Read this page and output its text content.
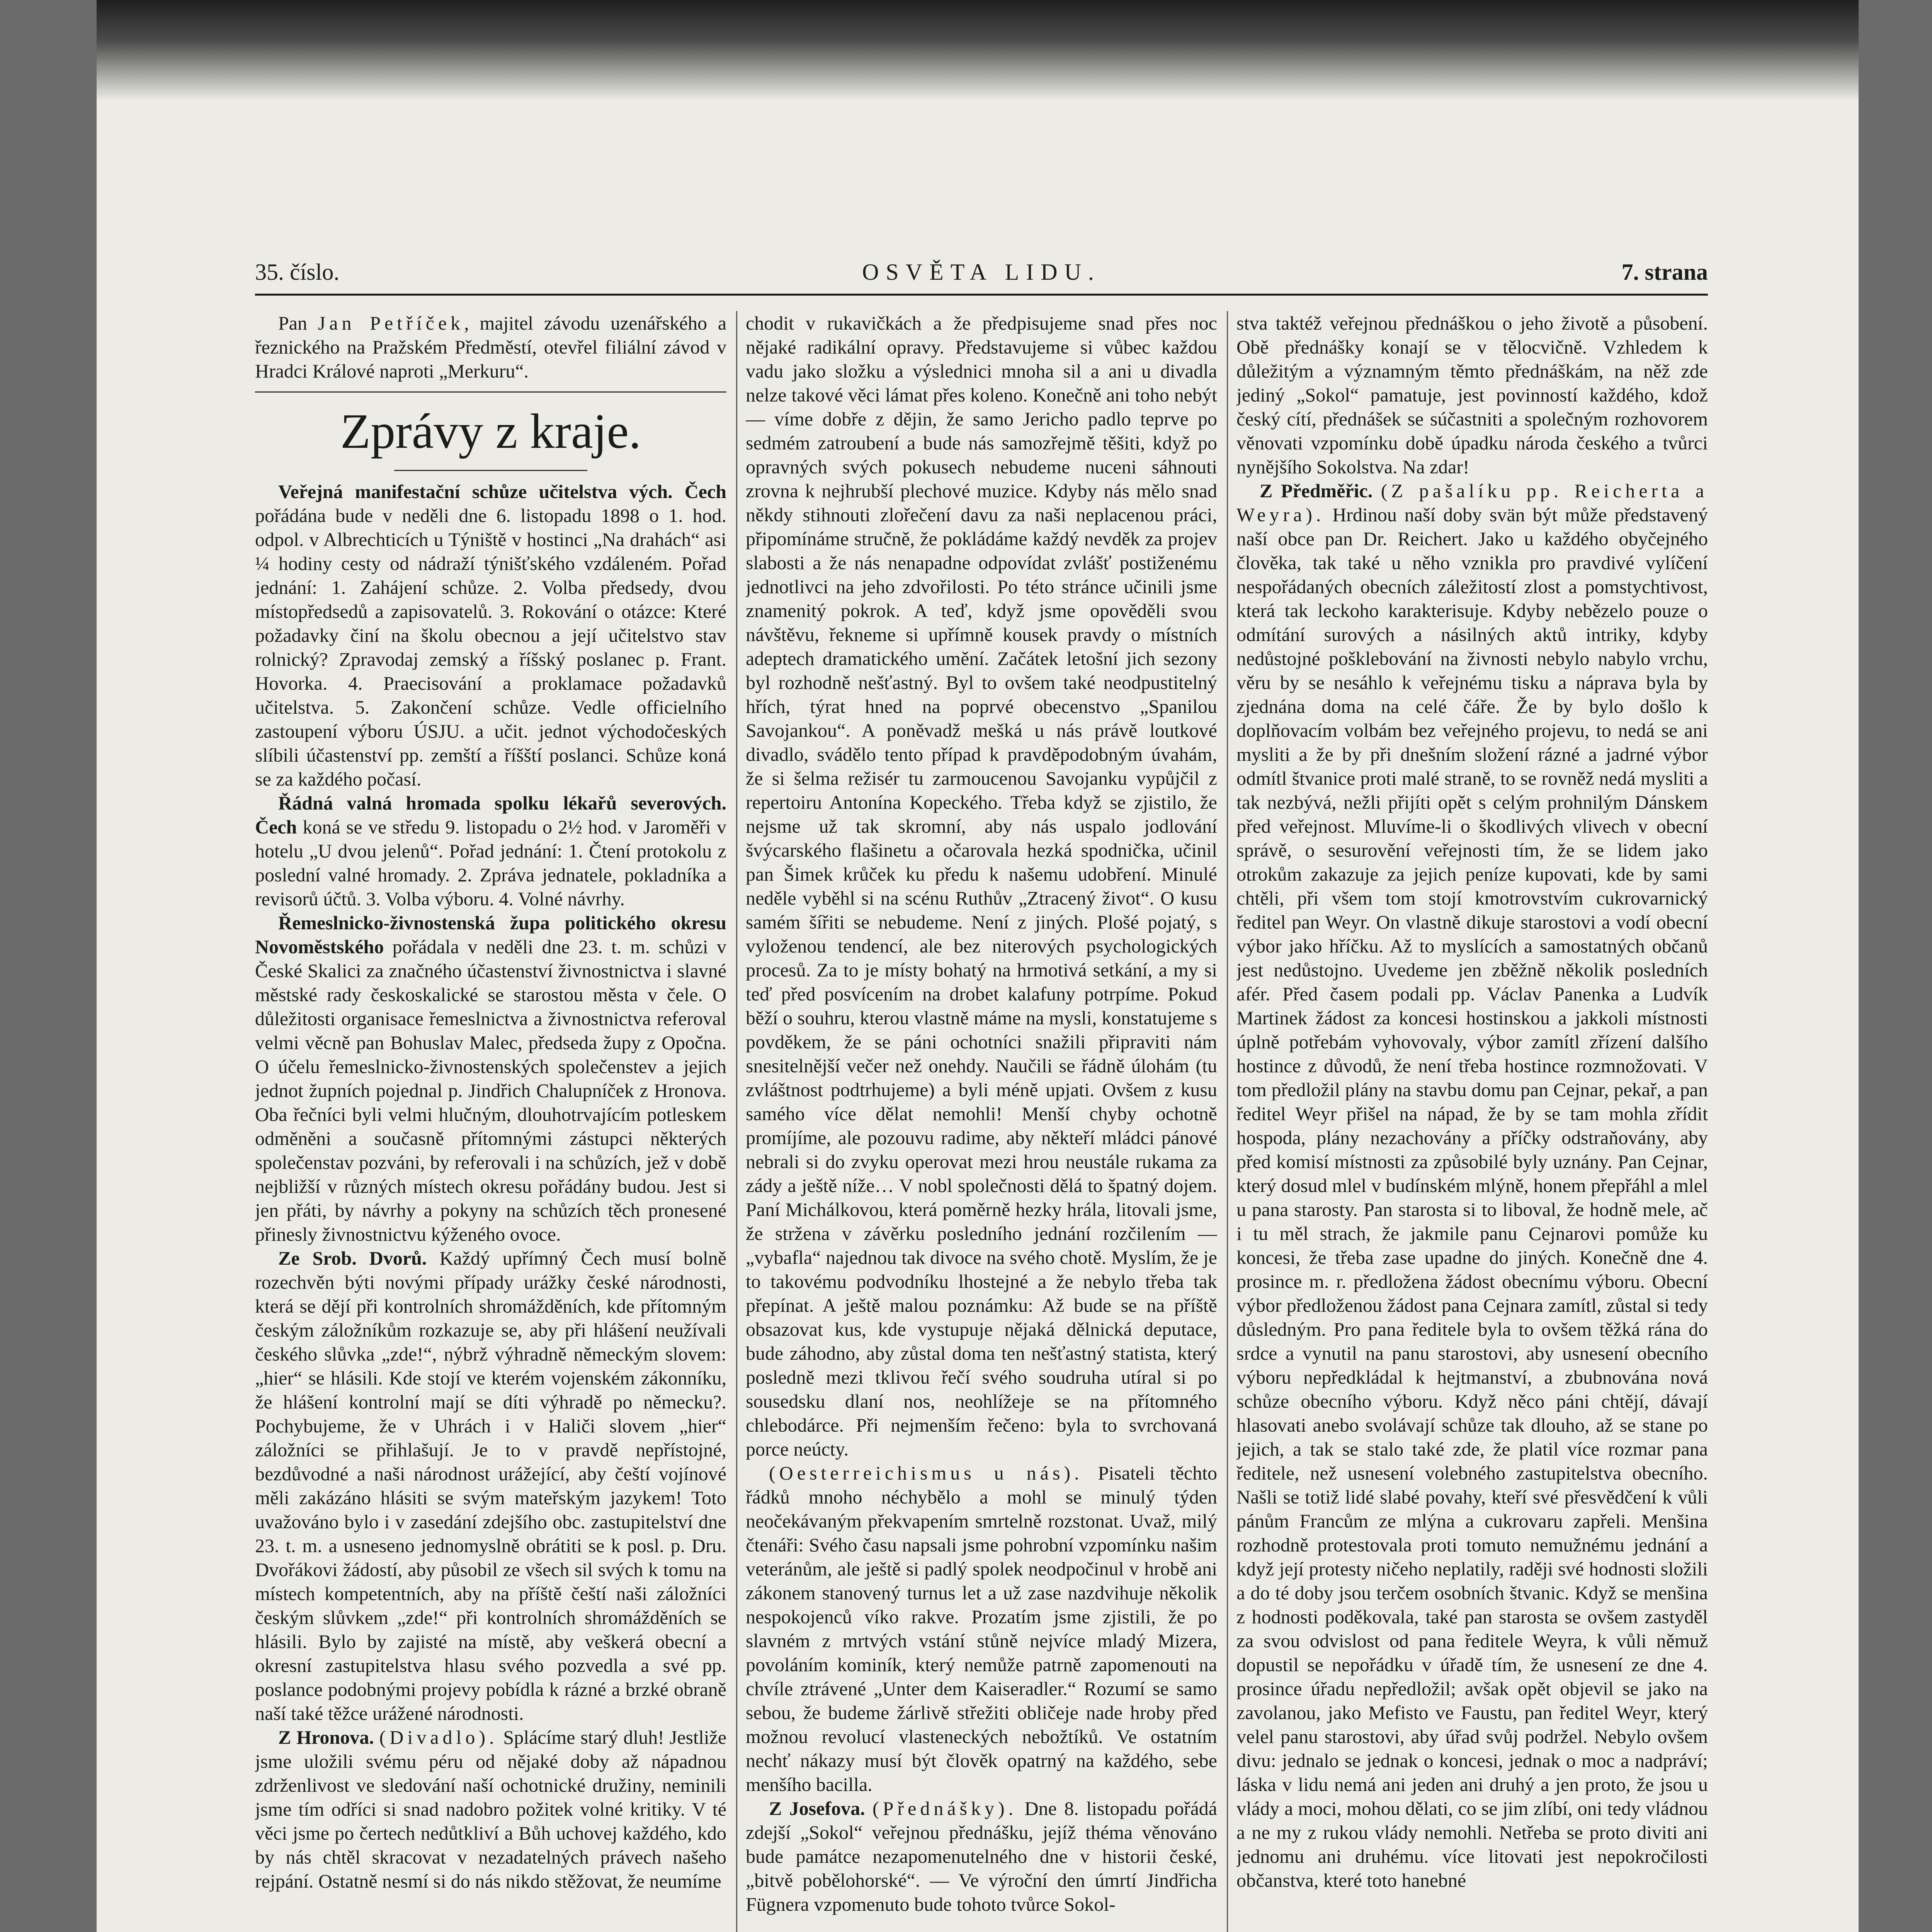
35. číslo.	OSVĚTA LIDU.	7. strana

Pan Jan Petříček, majitel závodu uzenářského a řeznického na Pražském Předměstí, otevřel filiální závod v Hradci Králové naproti „Merkuru“.

Zprávy z kraje.

Veřejná manifestační schůze učitelstva vých. Čech pořádána bude v neděli dne 6. listopadu 1898 o 1. hod. odpol. v Albrechticích u Týniště v hostinci „Na drahách“ asi ¼ hodiny cesty od nádraží týnišťského vzdáleném. Pořad jednání: 1. Zahájení schůze. 2. Volba předsedy, dvou místopředsedů a zapisovatelů. 3. Rokování o otázce: Které požadavky činí na školu obecnou a její učitelstvo stav rolnický? Zpravodaj zemský a říšský poslanec p. Frant. Hovorka. 4. Praecisování a proklamace požadavků učitelstva. 5. Zakončení schůze. Vedle officielního zastoupení výboru ÚSJU. a učit. jednot východočeských slíbili účastenství pp. zemští a říšští poslanci. Schůze koná se za každého počasí.

Řádná valná hromada spolku lékařů severových. Čech koná se ve středu 9. listopadu o 2½ hod. v Jaroměři v hotelu „U dvou jelenů“. Pořad jednání: 1. Čtení protokolu z poslední valné hromady. 2. Zpráva jednatele, pokladníka a revisorů účtů. 3. Volba výboru. 4. Volné návrhy.

Řemeslnicko-živnostenská župa politického okresu Novoměstského pořádala v neděli dne 23. t. m. schůzi v České Skalici za značného účastenství živnostnictva i slavné městské rady českoskalické se starostou města v čele. O důležitosti organisace řemeslnictva a živnostnictva referoval velmi věcně pan Bohuslav Malec, předseda župy z Opočna. O účelu řemeslnicko-živnostenských společenstev a jejich jednot župních pojednal p. Jindřich Chalupníček z Hronova. Oba řečníci byli velmi hlučným, dlouhotrvajícím potleskem odměněni a současně přítomnými zástupci některých společenstav pozváni, by referovali i na schůzích, jež v době nejbližší v různých místech okresu pořádány budou. Jest si jen přáti, by návrhy a pokyny na schůzích těch pronesené přinesly živnostnictvu kýženého ovoce.

Ze Srob. Dvorů. Každý upřímný Čech musí bolně rozechvěn býti novými případy urážky české národnosti, která se dějí při kontrolních shromážděních, kde přítomným českým záložníkům rozkazuje se, aby při hlášení neužívali českého slůvka „zde!“, nýbrž výhradně německým slovem: „hier“ se hlásili. Kde stojí ve kterém vojenském zákonníku, že hlášení kontrolní mají se díti výhradě po německu?. Pochybujeme, že v Uhrách i v Haliči slovem „hier“ záložníci se přihlašují. Je to v pravdě nepřístojné, bezdůvodné a naši národnost urážející, aby čeští vojínové měli zakázáno hlásiti se svým mateřským jazykem! Toto uvažováno bylo i v zasedání zdejšího obc. zastupitelství dne 23. t. m. a usneseno jednomyslně obrátiti se k posl. p. Dru. Dvořákovi žádostí, aby působil ze všech sil svých k tomu na místech kompetentních, aby na příště čeští naši záložníci českým slůvkem „zde!“ při kontrolních shromážděních se hlásili. Bylo by zajisté na místě, aby veškerá obecní a okresní zastupitelstva hlasu svého pozvedla a své pp. poslance podobnými projevy pobídla k rázné a brzké obraně naší také těžce urážené národnosti.

Z Hronova. (Divadlo). Splácíme starý dluh! Jestliže jsme uložili svému péru od nějaké doby až nápadnou zdrženlivost ve sledování naší ochotnické družiny, neminili jsme tím odříci si snad nadobro požitek volné kritiky. V té věci jsme po čertech nedůtkliví a Bůh uchovej každého, kdo by nás chtěl skracovat v nezadatelných právech našeho rejpání. Ostatně nesmí si do nás nikdo stěžovat, že neumíme

chodit v rukavičkách a že předpisujeme snad přes noc nějaké radikální opravy. Představujeme si vůbec každou vadu jako složku a výslednici mnoha sil a ani u divadla nelze takové věci lámat přes koleno. Konečně ani toho nebýt — víme dobře z dějin, že samo Jericho padlo teprve po sedmém zatroubení a bude nás samozřejmě těšiti, když po opravných svých pokusech nebudeme nuceni sáhnouti zrovna k nejhrubší plechové muzice. Kdyby nás mělo snad někdy stihnouti zlořečení davu za naši neplacenou práci, připomínáme stručně, že pokládáme každý nevděk za projev slabosti a že nás nenapadne odpovídat zvlášť postiženému jednotlivci na jeho zdvořilosti. Po této stránce učinili jsme znamenitý pokrok. A teď, když jsme opověděli svou návštěvu, řekneme si upřímně kousek pravdy o místních adeptech dramatického umění. Začátek letošní jich sezony byl rozhodně nešťastný. Byl to ovšem také neodpustitelný hřích, týrat hned na poprvé obecenstvo „Spanilou Savojankou“. A poněvadž mešká u nás právě loutkové divadlo, svádělo tento případ k pravděpodobným úvahám, že si šelma režisér tu zarmoucenou Savojanku vypůjčil z repertoiru Antonína Kopeckého. Třeba když se zjistilo, že nejsme už tak skromní, aby nás uspalo jodlování švýcarského flašinetu a očarovala hezká spodnička, učinil pan Šimek krůček ku předu k našemu udobření. Minulé neděle vyběhl si na scénu Ruthův „Ztracený život“. O kusu samém šířiti se nebudeme. Není z jiných. Plošé pojatý, s vyloženou tendencí, ale bez niterových psychologických procesů. Za to je místy bohatý na hrmotivá setkání, a my si teď před posvícením na drobet kalafuny potrpíme. Pokud běží o souhru, kterou vlastně máme na mysli, konstatujeme s povděkem, že se páni ochotníci snažili připraviti nám snesitelnější večer než onehdy. Naučili se řádně úlohám (tu zvláštnost podtrhujeme) a byli méně upjati. Ovšem z kusu samého více dělat nemohli! Menší chyby ochotně promíjíme, ale pozouvu radime, aby někteří mládci pánové nebrali si do zvyku operovat mezi hrou neustále rukama za zády a ještě níže… V nobl společnosti dělá to špatný dojem. Paní Michálkovou, která poměrně hezky hrála, litovali jsme, že stržena v závěrku posledního jednání rozčilením — „vybafla“ najednou tak divoce na svého chotě. Myslím, že je to takovému podvodníku lhostejné a že nebylo třeba tak přepínat. A ještě malou poznámku: Až bude se na příště obsazovat kus, kde vystupuje nějaká dělnická deputace, bude záhodno, aby zůstal doma ten nešťastný statista, který posledně mezi tklivou řečí svého soudruha utíral si po sousedsku dlaní nos, neohlížeje se na přítomného chlebodárce. Při nejmenším řečeno: byla to svrchovaná porce neúcty.

(Oesterreichismus u nás). Pisateli těchto řádků mnoho néchybělo a mohl se minulý týden neočekávaným překvapením smrtelně rozstonat. Uvaž, milý čtenáři: Svého času napsali jsme pohrobní vzpomínku našim veteránům, ale ještě si padlý spolek neodpočinul v hrobě ani zákonem stanovený turnus let a už zase nazdvihuje několik nespokojenců víko rakve. Prozatím jsme zjistili, že po slavném z mrtvých vstání stůně nejvíce mladý Mizera, povoláním kominík, který nemůže patrně zapomenouti na chvíle ztrávené „Unter dem Kaiseradler.“ Rozumí se samo sebou, že budeme žárlivě střežiti obličeje nade hroby před možnou revolucí vlasteneckých nebožtíků. Ve ostatním nechť nákazy musí být člověk opatrný na každého, sebe menšího bacilla.

Z Josefova. (Přednášky). Dne 8. listopadu pořádá zdejší „Sokol“ veřejnou přednášku, jejíž théma věnováno bude památce nezapomenutelného dne v historii české, „bitvě pobělohorské“. — Ve výroční den úmrtí Jindřicha Fügnera vzpomenuto bude tohoto tvůrce Sokol-

stva taktéž veřejnou přednáškou o jeho životě a působení. Obě přednášky konají se v tělocvičně. Vzhledem k důležitým a významným těmto přednáškám, na něž zde jediný „Sokol“ pamatuje, jest povinností každého, kdož český cítí, přednášek se súčastniti a společným rozhovorem věnovati vzpomínku době úpadku národa českého a tvůrci nynějšího Sokolstva. Na zdar!

Z Předměřic. (Z pašalíku pp. Reicherta a Weyra). Hrdinou naší doby svän být může představený naší obce pan Dr. Reichert. Jako u každého obyčejného člověka, tak také u něho vznikla pro pravdivé vylíčení nespořádaných obecních záležitostí zlost a pomstychtivost, která tak leckoho karakterisuje. Kdyby nebězelo pouze o odmítání surových a násilných aktů intriky, kdyby nedůstojné pošklebování na živnosti nebylo nabylo vrchu, věru by se nesáhlo k veřejnému tisku a náprava byla by zjednána doma na celé čáře. Že by bylo došlo k doplňovacím volbám bez veřejného projevu, to nedá se ani mysliti a že by při dnešním složení rázné a jadrné výbor odmítl štvanice proti malé straně, to se rovněž nedá mysliti a tak nezbývá, nežli přijíti opět s celým prohnilým Dánskem před veřejnost. Mluvíme-li o škodlivých vlivech v obecní správě, o sesurovění veřejnosti tím, že se lidem jako otrokům zakazuje za jejich peníze kupovati, kde by sami chtěli, při všem tom stojí kmotrovstvím cukrovarnický ředitel pan Weyr. On vlastně dikuje starostovi a vodí obecní výbor jako hříčku. Až to myslících a samostatných občanů jest nedůstojno. Uvedeme jen zběžně několik posledních afér. Před časem podali pp. Václav Panenka a Ludvík Martinek žádost za koncesi hostinskou a jakkoli místnosti úplně potřebám vyhovovaly, výbor zamítl zřízení dalšího hostince z důvodů, že není třeba hostince rozmnožovati. V tom předložil plány na stavbu domu pan Cejnar, pekař, a pan ředitel Weyr přišel na nápad, že by se tam mohla zřídit hospoda, plány nezachovány a příčky odstraňovány, aby před komisí místnosti za způsobilé byly uznány. Pan Cejnar, který dosud mlel v budínském mlýně, honem přepřáhl a mlel u pana starosty. Pan starosta si to liboval, že hodně mele, ač i tu měl strach, že jakmile panu Cejnarovi pomůže ku koncesi, že třeba zase upadne do jiných. Konečně dne 4. prosince m. r. předložena žádost obecnímu výboru. Obecní výbor předloženou žádost pana Cejnara zamítl, zůstal si tedy důsledným. Pro pana ředitele byla to ovšem těžká rána do srdce a vynutil na panu starostovi, aby usnesení obecního výboru nepředkládal k hejtmanství, a zbubnována nová schůze obecního výboru. Když něco páni chtějí, dávají hlasovati anebo svolávají schůze tak dlouho, až se stane po jejich, a tak se stalo také zde, že platil více rozmar pana ředitele, než usnesení volebného zastupitelstva obecního. Našli se totiž lidé slabé povahy, kteří své přesvědčení k vůli pánům Francům ze mlýna a cukrovaru zapřeli. Menšina rozhodně protestovala proti tomuto nemužnému jednání a když její protesty ničeho neplatily, raději své hodnosti složili a do té doby jsou terčem osobních štvanic. Když se menšina z hodnosti poděkovala, také pan starosta se ovšem zastyděl za svou odvislost od pana ředitele Weyra, k vůli němuž dopustil se nepořádku v úřadě tím, že usnesení ze dne 4. prosince úřadu nepředložil; avšak opět objevil se jako na zavolanou, jako Mefisto ve Faustu, pan ředitel Weyr, který velel panu starostovi, aby úřad svůj podržel. Nebylo ovšem divu: jednalo se jednak o koncesi, jednak o moc a nadpráví; láska v lidu nemá ani jeden ani druhý a jen proto, že jsou u vlády a moci, mohou dělati, co se jim zlíbí, oni tedy vládnou a ne my z rukou vlády nemohli. Netřeba se proto diviti ani jednomu ani druhému. více litovati jest nepokročilosti občanstva, které toto hanebné
